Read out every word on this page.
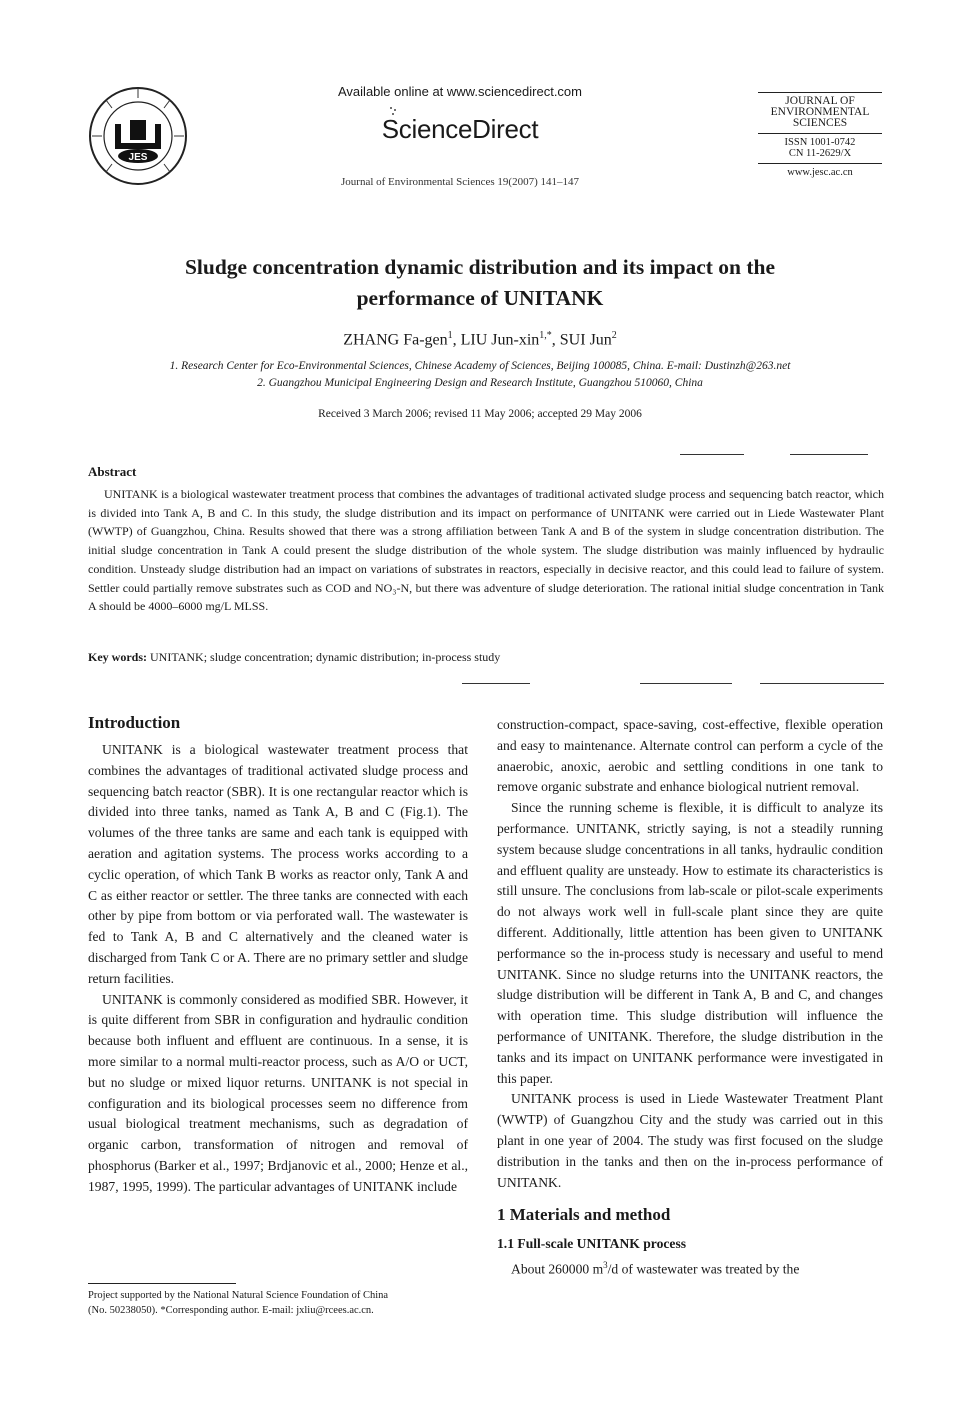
JES
Available online at www.sciencedirect.com
ScienceDirect
Journal of Environmental Sciences 19(2007) 141–147
JOURNAL OF
ENVIRONMENTAL
SCIENCES
ISSN 1001-0742
CN 11-2629/X
www.jesc.ac.cn
Sludge concentration dynamic distribution and its impact on the
performance of UNITANK
ZHANG Fa-gen$^1$, LIU Jun-xin$^{1,*}$, SUI Jun$^2$
1. Research Center for Eco-Environmental Sciences, Chinese Academy of Sciences, Beijing 100085, China. E-mail: Dustinzh@263.net
2. Guangzhou Municipal Engineering Design and Research Institute, Guangzhou 510060, China
Received 3 March 2006; revised 11 May 2006; accepted 29 May 2006
Abstract
UNITANK is a biological wastewater treatment process that combines the advantages of traditional activated sludge process and sequencing batch reactor, which is divided into Tank A, B and C. In this study, the sludge distribution and its impact on performance of UNITANK were carried out in Liede Wastewater Plant (WWTP) of Guangzhou, China. Results showed that there was a strong affiliation between Tank A and B of the system in sludge concentration distribution. The initial sludge concentration in Tank A could present the sludge distribution of the whole system. The sludge distribution was mainly influenced by hydraulic condition. Unsteady sludge distribution had an impact on variations of substrates in reactors, especially in decisive reactor, and this could lead to failure of system. Settler could partially remove substrates such as COD and NO₃-N, but there was adventure of sludge deterioration. The rational initial sludge concentration in Tank A should be 4000–6000 mg/L MLSS.
Key words: UNITANK; sludge concentration; dynamic distribution; in-process study
Introduction

UNITANK is a biological wastewater treatment process that combines the advantages of traditional activated sludge process and sequencing batch reactor (SBR). It is one rectangular reactor which is divided into three tanks, named as Tank A, B and C (Fig.1). The volumes of the three tanks are same and each tank is equipped with aeration and agitation systems. The process works according to a cyclic operation, of which Tank B works as reactor only, Tank A and C as either reactor or settler. The three tanks are connected with each other by pipe from bottom or via perforated wall. The wastewater is fed to Tank A, B and C alternatively and the cleaned water is discharged from Tank C or A. There are no primary settler and sludge return facilities.

UNITANK is commonly considered as modified SBR. However, it is quite different from SBR in configuration and hydraulic condition because both influent and effluent are continuous. In a sense, it is more similar to a normal multi-reactor process, such as A/O or UCT, but no sludge or mixed liquor returns. UNITANK is not special in configuration and its biological processes seem no difference from usual biological treatment mechanisms, such as degradation of organic carbon, transformation of nitrogen and removal of phosphorus (Barker et al., 1997; Brdjanovic et al., 2000; Henze et al., 1987, 1995, 1999). The particular advantages of UNITANK include

construction-compact, space-saving, cost-effective, flexible operation and easy to maintenance. Alternate control can perform a cycle of the anaerobic, anoxic, aerobic and settling conditions in one tank to remove organic substrate and enhance biological nutrient removal.

Since the running scheme is flexible, it is difficult to analyze its performance. UNITANK, strictly saying, is not a steadily running system because sludge concentrations in all tanks, hydraulic condition and effluent quality are unsteady. How to estimate its characteristics is still unsure. The conclusions from lab-scale or pilot-scale experiments do not always work well in full-scale plant since they are quite different. Additionally, little attention has been given to UNITANK performance so the in-process study is necessary and useful to mend UNITANK. Since no sludge returns into the UNITANK reactors, the sludge distribution will be different in Tank A, B and C, and changes with operation time. This sludge distribution will influence the performance of UNITANK. Therefore, the sludge distribution in the tanks and its impact on UNITANK performance were investigated in this paper.

UNITANK process is used in Liede Wastewater Treatment Plant (WWTP) of Guangzhou City and the study was carried out in this plant in one year of 2004. The study was first focused on the sludge distribution in the tanks and then on the in-process performance of UNITANK.

1 Materials and method
1.1 Full-scale UNITANK process

About 260000 $m^3/d$ of wastewater was treated by the

Project supported by the National Natural Science Foundation of China
(No. 50238050). *Corresponding author. E-mail: jxliu@rcees.ac.cn.
